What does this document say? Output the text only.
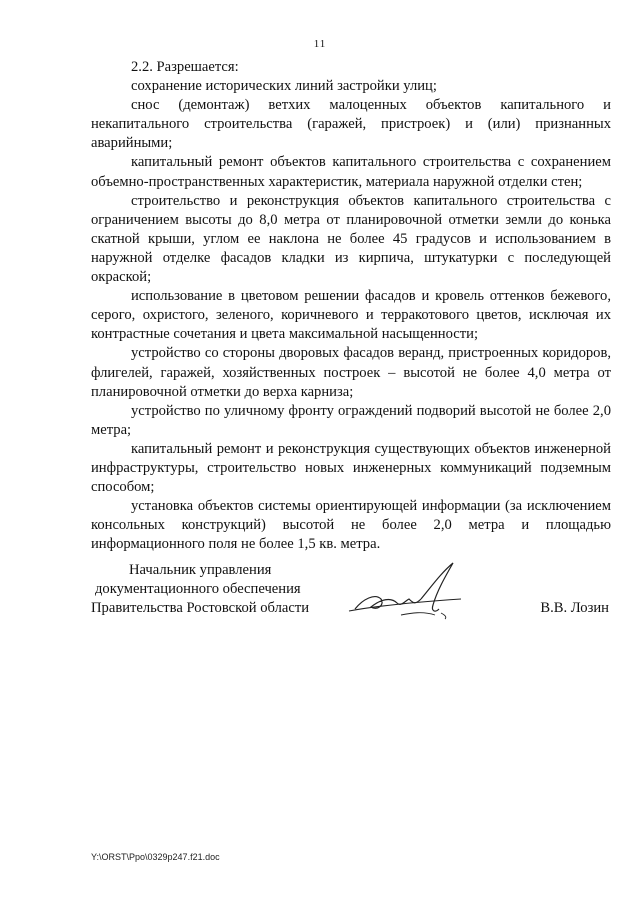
11
2.2. Разрешается:

сохранение исторических линий застройки улиц;

снос (демонтаж) ветхих малоценных объектов капитального и некапитального строительства (гаражей, пристроек) и (или) признанных аварийными;

капитальный ремонт объектов капитального строительства с сохранением объемно-пространственных характеристик, материала наружной отделки стен;

строительство и реконструкция объектов капитального строительства с ограничением высоты до 8,0 метра от планировочной отметки земли до конька скатной крыши, углом ее наклона не более 45 градусов и использованием в наружной отделке фасадов кладки из кирпича, штукатурки с последующей окраской;

использование в цветовом решении фасадов и кровель оттенков бежевого, серого, охристого, зеленого, коричневого и терракотового цветов, исключая их контрастные сочетания и цвета максимальной насыщенности;

устройство со стороны дворовых фасадов веранд, пристроенных коридоров, флигелей, гаражей, хозяйственных построек – высотой не более 4,0 метра от планировочной отметки до верха карниза;

устройство по уличному фронту ограждений подворий высотой не более 2,0 метра;

капитальный ремонт и реконструкция существующих объектов инженерной инфраструктуры, строительство новых инженерных коммуникаций подземным способом;

установка объектов системы ориентирующей информации (за исключением консольных конструкций) высотой не более 2,0 метра и площадью информационного поля не более 1,5 кв. метра.

Начальник управления
документационного обеспечения
Правительства Ростовской области	В.В. Лозин
Y:\ORST\Ppo\0329p247.f21.doc
